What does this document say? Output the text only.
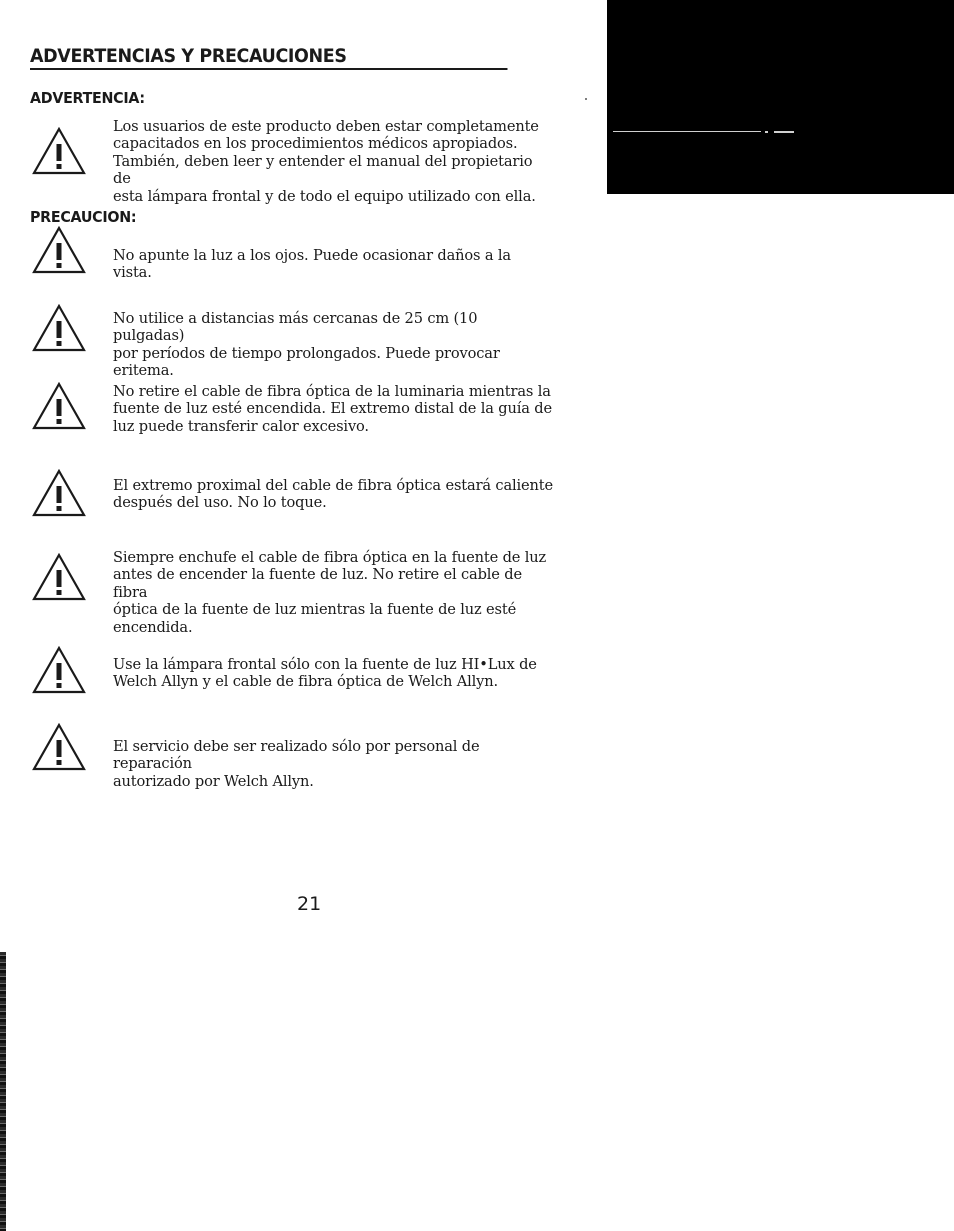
ADVERTENCIAS Y PRECAUCIONES
ADVERTENCIA:
Los usuarios de este producto deben estar completamente
capacitados en los procedimientos médicos apropiados.
También, deben leer y entender el manual del propietario de
esta lámpara frontal y de todo el equipo utilizado con ella.
PRECAUCION:
No apunte la luz a los ojos. Puede ocasionar daños a la vista.
No utilice a distancias más cercanas de 25 cm (10 pulgadas)
por períodos de tiempo prolongados. Puede provocar eritema.
No retire el cable de fibra óptica de la luminaria mientras la
fuente de luz esté encendida. El extremo distal de la guía de
luz puede transferir calor excesivo.
El extremo proximal del cable de fibra óptica estará caliente
después del uso. No lo toque.
Siempre enchufe el cable de fibra óptica en la fuente de luz
antes de encender la fuente de luz. No retire el cable de fibra
óptica de la fuente de luz mientras la fuente de luz esté
encendida.
Use la lámpara frontal sólo con la fuente de luz HI•Lux de
Welch Allyn y el cable de fibra óptica de Welch Allyn.
El servicio debe ser realizado sólo por personal de reparación
autorizado por Welch Allyn.
21
